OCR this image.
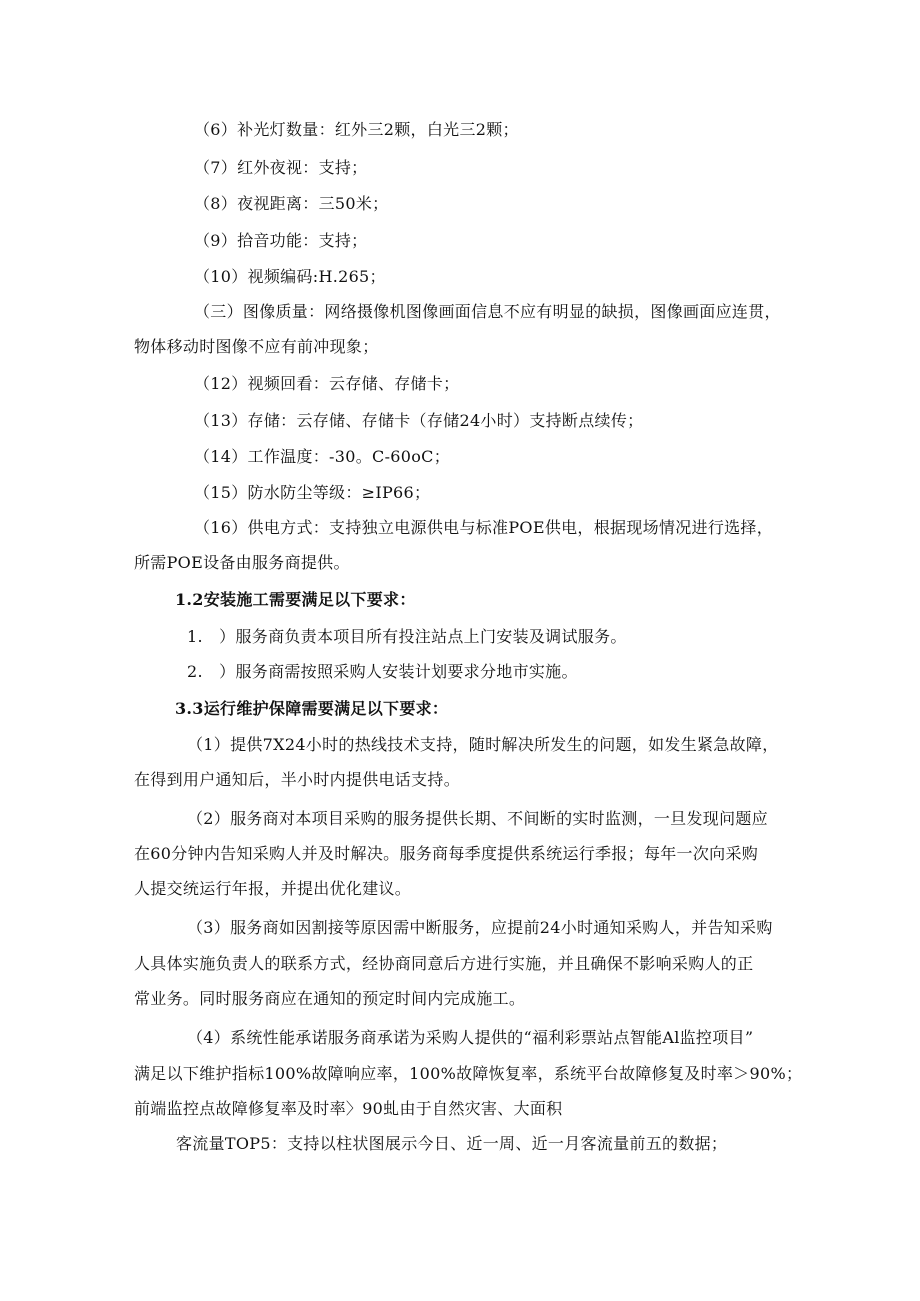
（6）补光灯数量：红外三2颗，白光三2颗；
（7）红外夜视：支持；
（8）夜视距离：三50米；
（9）拾音功能：支持；
（10）视频编码:H.265；
（三）图像质量：网络摄像机图像画面信息不应有明显的缺损，图像画面应连贯，
物体移动时图像不应有前冲现象；
（12）视频回看：云存储、存储卡；
（13）存储：云存储、存储卡（存储24小时）支持断点续传；
（14）工作温度：-30。C-60oC；
（15）防水防尘等级：≥IP66；
（16）供电方式：支持独立电源供电与标准POE供电，根据现场情况进行选择，
所需POE设备由服务商提供。
1.2安装施工需要满足以下要求：
1.　）服务商负责本项目所有投注站点上门安装及调试服务。
2.　）服务商需按照采购人安装计划要求分地市实施。
3.3运行维护保障需要满足以下要求：
（1）提供7X24小时的热线技术支持，随时解决所发生的问题，如发生紧急故障，
在得到用户通知后，半小时内提供电话支持。
（2）服务商对本项目采购的服务提供长期、不间断的实时监测，一旦发现问题应
在60分钟内告知采购人并及时解决。服务商每季度提供系统运行季报；每年一次向采购
人提交统运行年报，并提出优化建议。
（3）服务商如因割接等原因需中断服务，应提前24小时通知采购人，并告知采购
人具体实施负责人的联系方式，经协商同意后方进行实施，并且确保不影响采购人的正
常业务。同时服务商应在通知的预定时间内完成施工。
（4）系统性能承诺服务商承诺为采购人提供的“福利彩票站点智能Al监控项目”
满足以下维护指标100%故障响应率，100%故障恢复率，系统平台故障修复及时率＞90%；
前端监控点故障修复率及时率〉90虬由于自然灾害、大面积
客流量TOP5：支持以柱状图展示今日、近一周、近一月客流量前五的数据；
